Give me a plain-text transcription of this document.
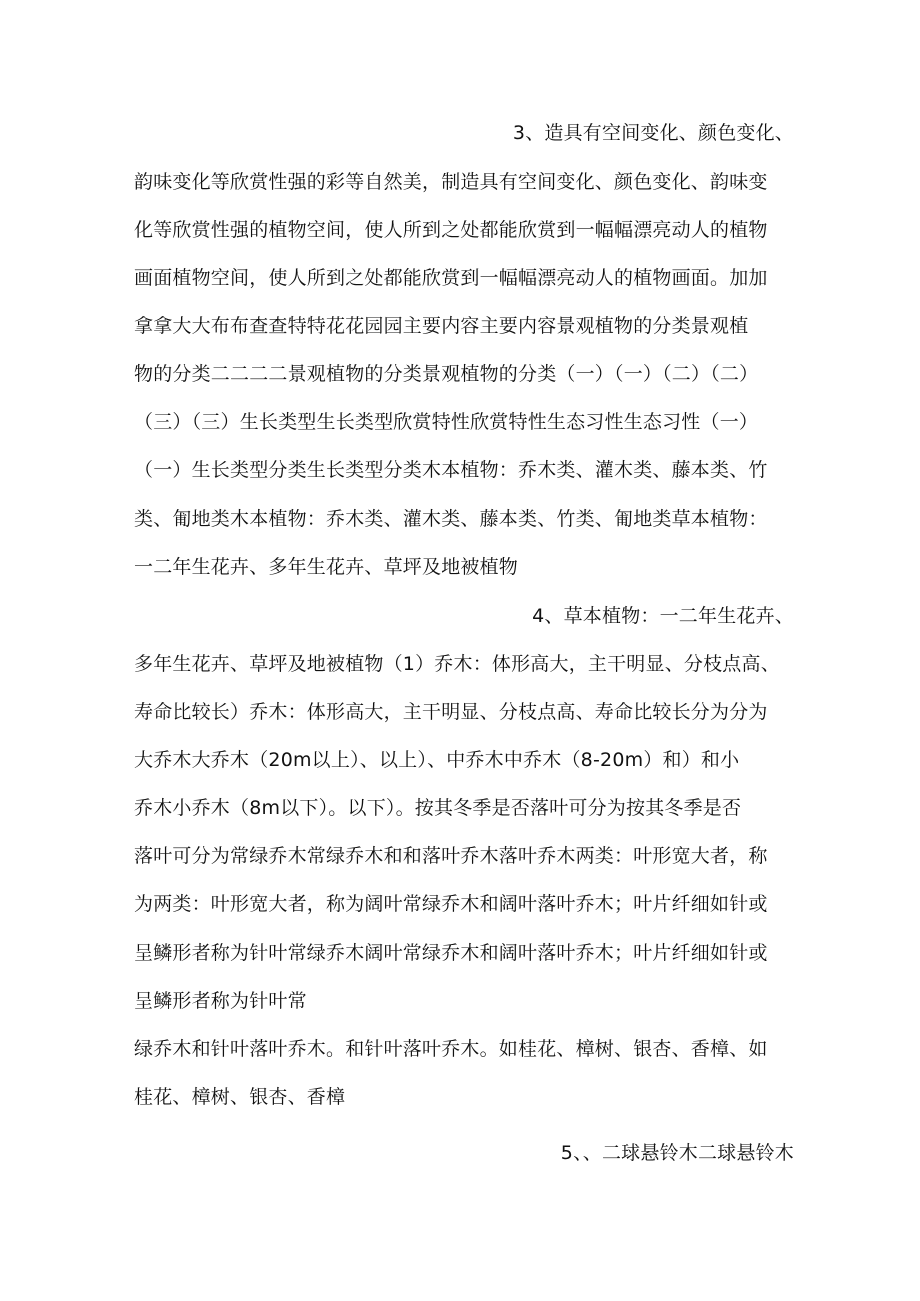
3、造具有空间变化、颜色变化、
韵味变化等欣赏性强的彩等自然美，制造具有空间变化、颜色变化、韵味变
化等欣赏性强的植物空间，使人所到之处都能欣赏到一幅幅漂亮动人的植物
画面植物空间，使人所到之处都能欣赏到一幅幅漂亮动人的植物画面。加加
拿拿大大布布查查特特花花园园主要内容主要内容景观植物的分类景观植
物的分类二二二二景观植物的分类景观植物的分类（一）（一）（二）（二）
（三）（三）生长类型生长类型欣赏特性欣赏特性生态习性生态习性（一）
（一）生长类型分类生长类型分类木本植物：乔木类、灌木类、藤本类、竹
类、匍地类木本植物：乔木类、灌木类、藤本类、竹类、匍地类草本植物：
一二年生花卉、多年生花卉、草坪及地被植物
4、草本植物：一二年生花卉、
多年生花卉、草坪及地被植物（1）乔木：体形高大，主干明显、分枝点高、
寿命比较长）乔木：体形高大，主干明显、分枝点高、寿命比较长分为分为
大乔木大乔木（20m以上）、以上）、中乔木中乔木（8-20m）和）和小
乔木小乔木（8m以下）。以下）。按其冬季是否落叶可分为按其冬季是否
落叶可分为常绿乔木常绿乔木和和落叶乔木落叶乔木两类：叶形宽大者，称
为两类：叶形宽大者，称为阔叶常绿乔木和阔叶落叶乔木；叶片纤细如针或
呈鳞形者称为针叶常绿乔木阔叶常绿乔木和阔叶落叶乔木；叶片纤细如针或
呈鳞形者称为针叶常
绿乔木和针叶落叶乔木。和针叶落叶乔木。如桂花、樟树、银杏、香樟、如
桂花、樟树、银杏、香樟
5、、二球悬铃木二球悬铃木
